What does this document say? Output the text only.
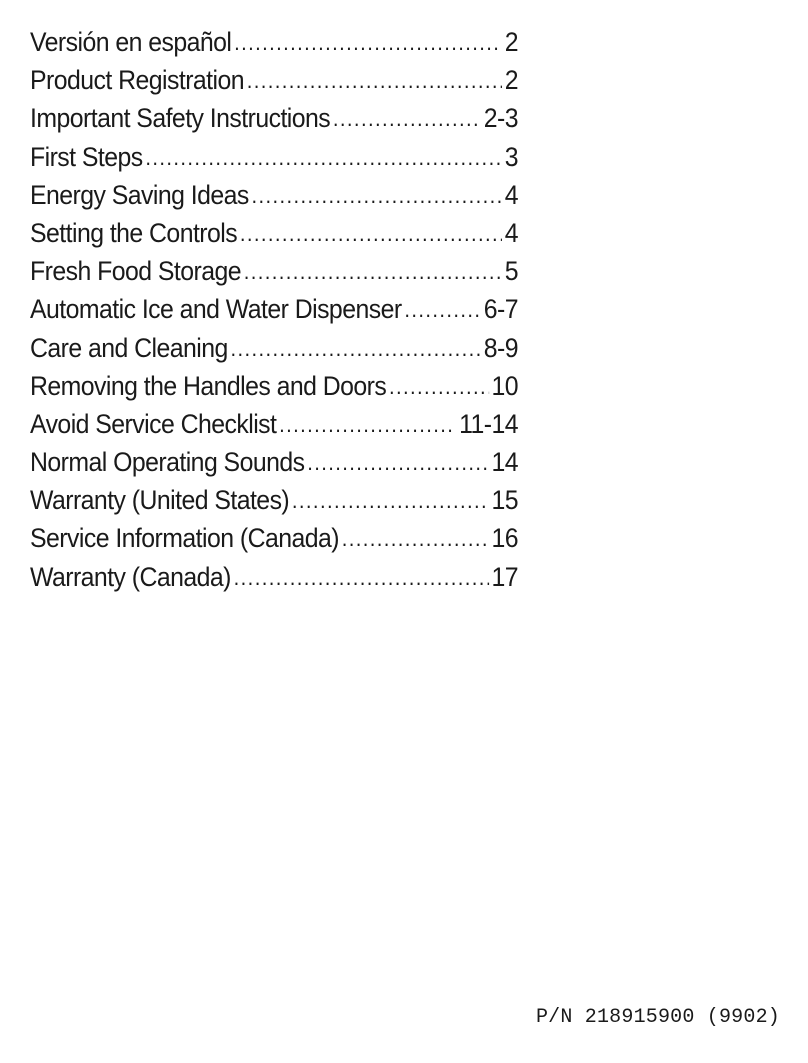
Versión en español .....	2
Product Registration .....	2
Important Safety Instructions .....	2-3
First Steps .....	3
Energy Saving Ideas .....	4
Setting the Controls .....	4
Fresh Food Storage .....	5
Automatic Ice and Water Dispenser .....	6-7
Care and Cleaning .....	8-9
Removing the Handles and Doors .....	10
Avoid Service Checklist .....	11-14
Normal Operating Sounds .....	14
Warranty (United States) .....	15
Service Information (Canada) .....	16
Warranty (Canada) .....	17
P/N 218915900 (9902)
